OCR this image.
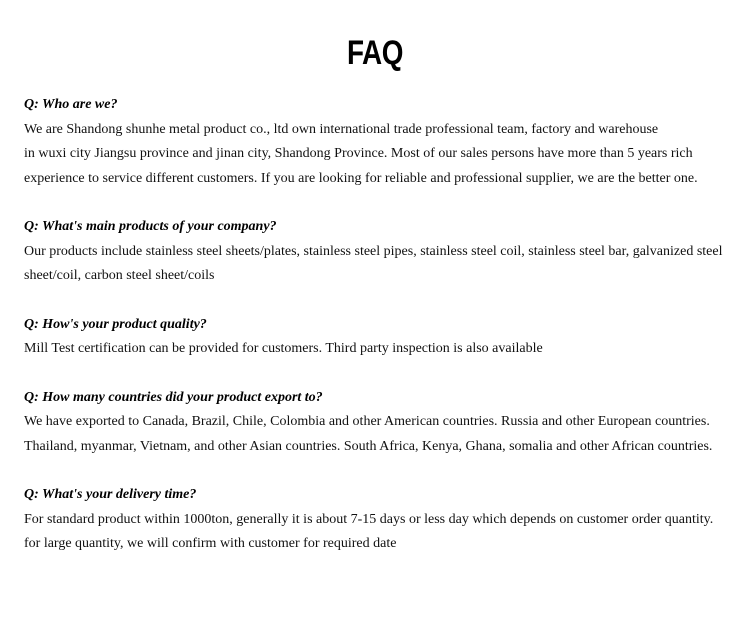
FAQ
Q: Who are we?
We are Shandong shunhe metal product co., ltd own international trade professional team, factory and warehouse
in wuxi city Jiangsu province and jinan city, Shandong Province. Most of our sales persons have more than 5 years rich
experience to service different customers. If you are looking for reliable and professional supplier, we are the better one.
Q: What's main products of your company?
Our products include stainless steel sheets/plates, stainless steel pipes, stainless steel coil, stainless steel bar, galvanized steel
sheet/coil, carbon steel sheet/coils
Q: How's your product quality?
Mill Test certification can be provided for customers. Third party inspection is also available
Q: How many countries did your product export to?
We have exported to Canada, Brazil, Chile, Colombia and other American countries. Russia and other European countries.
Thailand, myanmar, Vietnam, and other Asian countries. South Africa, Kenya, Ghana, somalia and other African countries.
Q: What's your delivery time?
For standard product within 1000ton, generally it is about 7-15 days or less day which depends on customer order quantity.
for large quantity, we will confirm with customer for required date
